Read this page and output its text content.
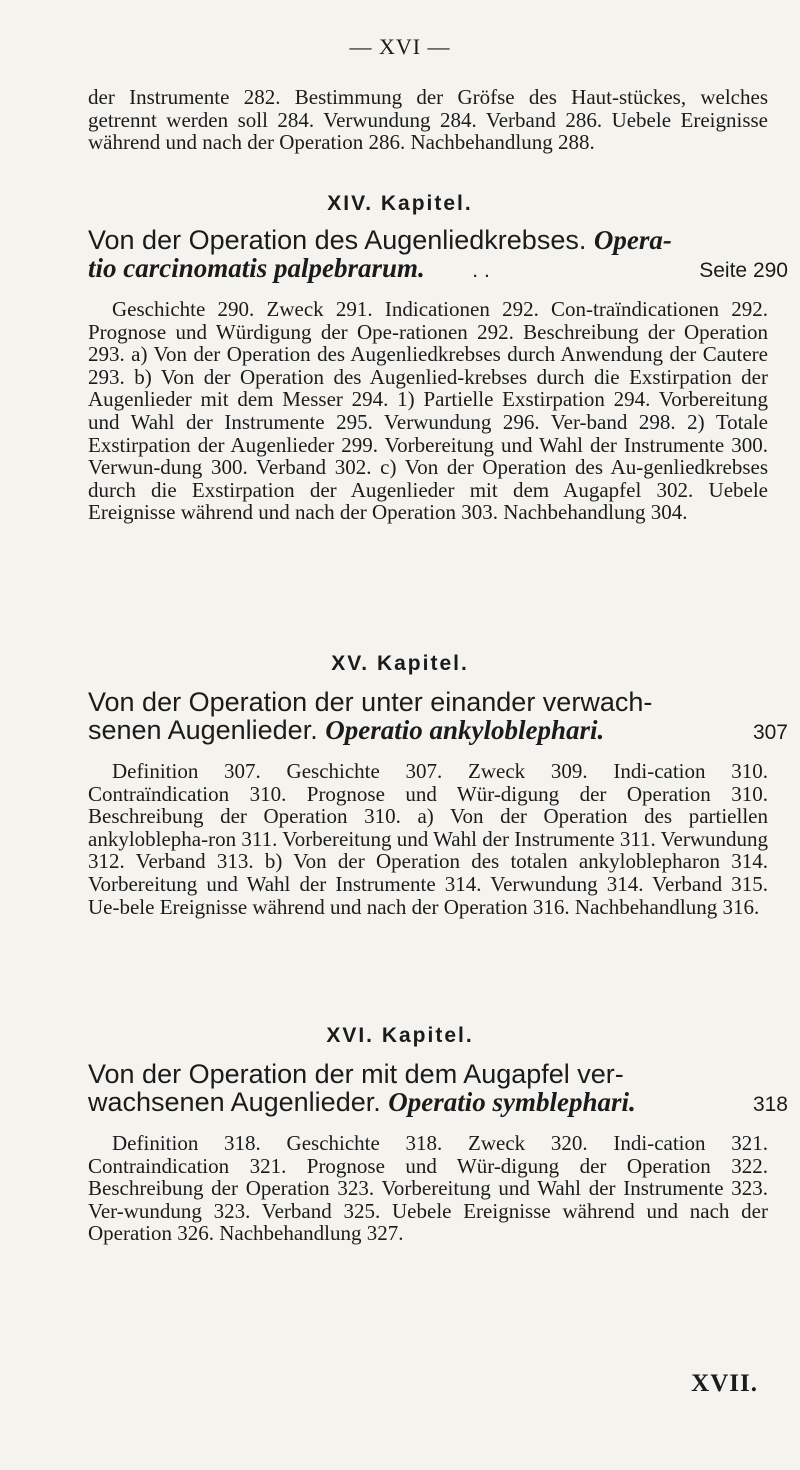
— XVI —
der Instrumente 282. Bestimmung der Gröfse des Haut-stückes, welches getrennt werden soll 284. Verwundung 284. Verband 286. Uebele Ereignisse während und nach der Operation 286. Nachbehandlung 288.
XIV. Kapitel.
Von der Operation des Augenliedkrebses. Opera-
tio carcinomatis palpebrarum. . .	Seite 290
Geschichte 290. Zweck 291. Indicationen 292. Con-traïndicationen 292. Prognose und Würdigung der Ope-rationen 292. Beschreibung der Operation 293. a) Von der Operation des Augenliedkrebses durch Anwendung der Cautere 293. b) Von der Operation des Augenlied-krebses durch die Exstirpation der Augenlieder mit dem Messer 294. 1) Partielle Exstirpation 294. Vorbereitung und Wahl der Instrumente 295. Verwundung 296. Ver-band 298. 2) Totale Exstirpation der Augenlieder 299. Vorbereitung und Wahl der Instrumente 300. Verwun-dung 300. Verband 302. c) Von der Operation des Au-genliedkrebses durch die Exstirpation der Augenlieder mit dem Augapfel 302. Uebele Ereignisse während und nach der Operation 303. Nachbehandlung 304.
XV. Kapitel.
Von der Operation der unter einander verwach-
senen Augenlieder. Operatio ankyloblephari.	307
Definition 307. Geschichte 307. Zweck 309. Indi-cation 310. Contraïndication 310. Prognose und Wür-digung der Operation 310. Beschreibung der Operation 310. a) Von der Operation des partiellen ankyloblepha-ron 311. Vorbereitung und Wahl der Instrumente 311. Verwundung 312. Verband 313. b) Von der Operation des totalen ankyloblepharon 314. Vorbereitung und Wahl der Instrumente 314. Verwundung 314. Verband 315. Ue-bele Ereignisse während und nach der Operation 316. Nachbehandlung 316.
XVI. Kapitel.
Von der Operation der mit dem Augapfel ver-
wachsenen Augenlieder. Operatio symblephari.	318
Definition 318. Geschichte 318. Zweck 320. Indi-cation 321. Contraindication 321. Prognose und Wür-digung der Operation 322. Beschreibung der Operation 323. Vorbereitung und Wahl der Instrumente 323. Ver-wundung 323. Verband 325. Uebele Ereignisse während und nach der Operation 326. Nachbehandlung 327.
XVII.
